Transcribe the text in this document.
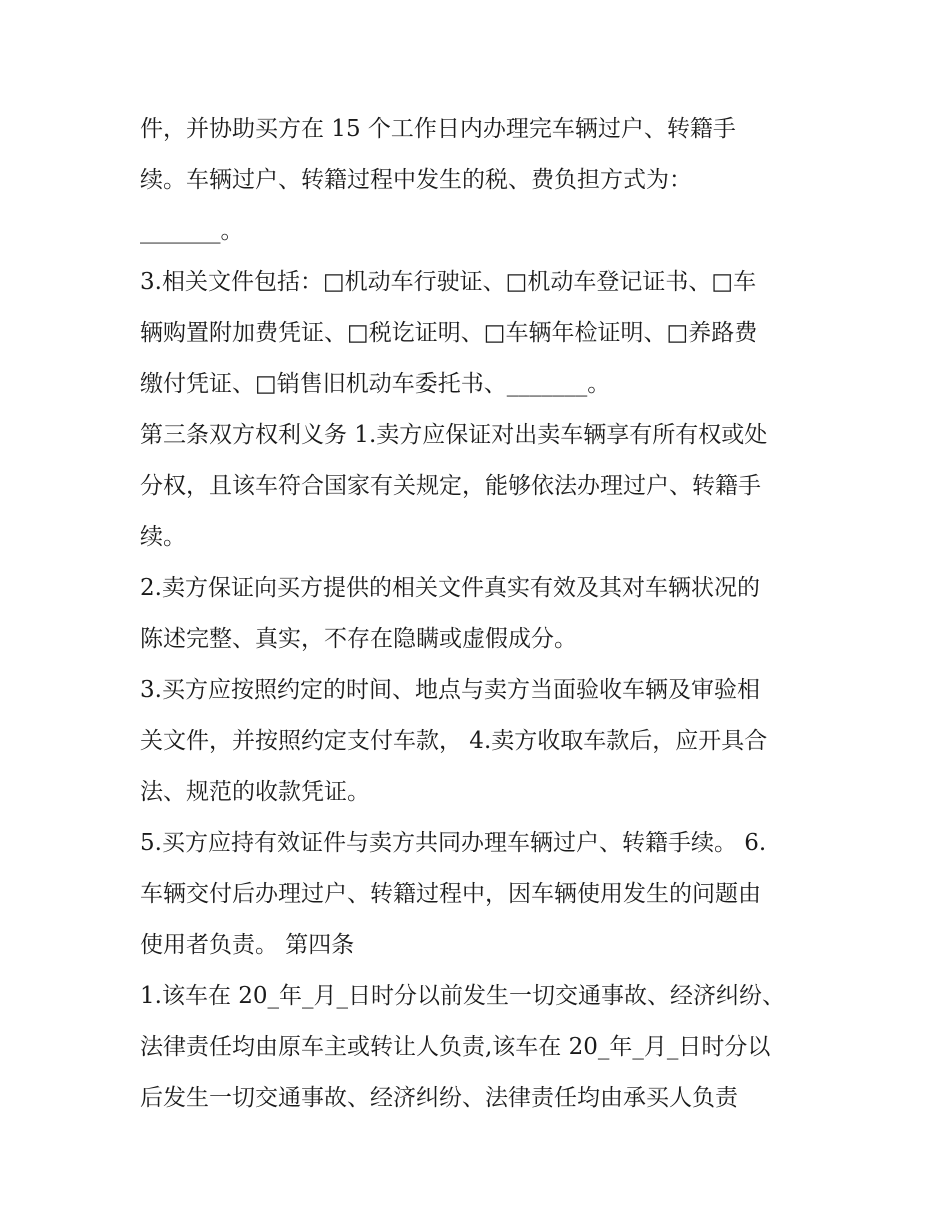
件，并协助买方在 15 个工作日内办理完车辆过户、转籍手
续。车辆过户、转籍过程中发生的税、费负担方式为：
_______。
3.相关文件包括：□机动车行驶证、□机动车登记证书、□车
辆购置附加费凭证、□税讫证明、□车辆年检证明、□养路费
缴付凭证、□销售旧机动车委托书、_______。
第三条双方权利义务 1.卖方应保证对出卖车辆享有所有权或处
分权，且该车符合国家有关规定，能够依法办理过户、转籍手
续。
2.卖方保证向买方提供的相关文件真实有效及其对车辆状况的
陈述完整、真实，不存在隐瞒或虚假成分。
3.买方应按照约定的时间、地点与卖方当面验收车辆及审验相
关文件，并按照约定支付车款， 4.卖方收取车款后，应开具合
法、规范的收款凭证。
5.买方应持有效证件与卖方共同办理车辆过户、转籍手续。 6.
车辆交付后办理过户、转籍过程中，因车辆使用发生的问题由
使用者负责。 第四条
1.该车在 20_年_月_日时分以前发生一切交通事故、经济纠纷、
法律责任均由原车主或转让人负责,该车在 20_年_月_日时分以
后发生一切交通事故、经济纠纷、法律责任均由承买人负责
